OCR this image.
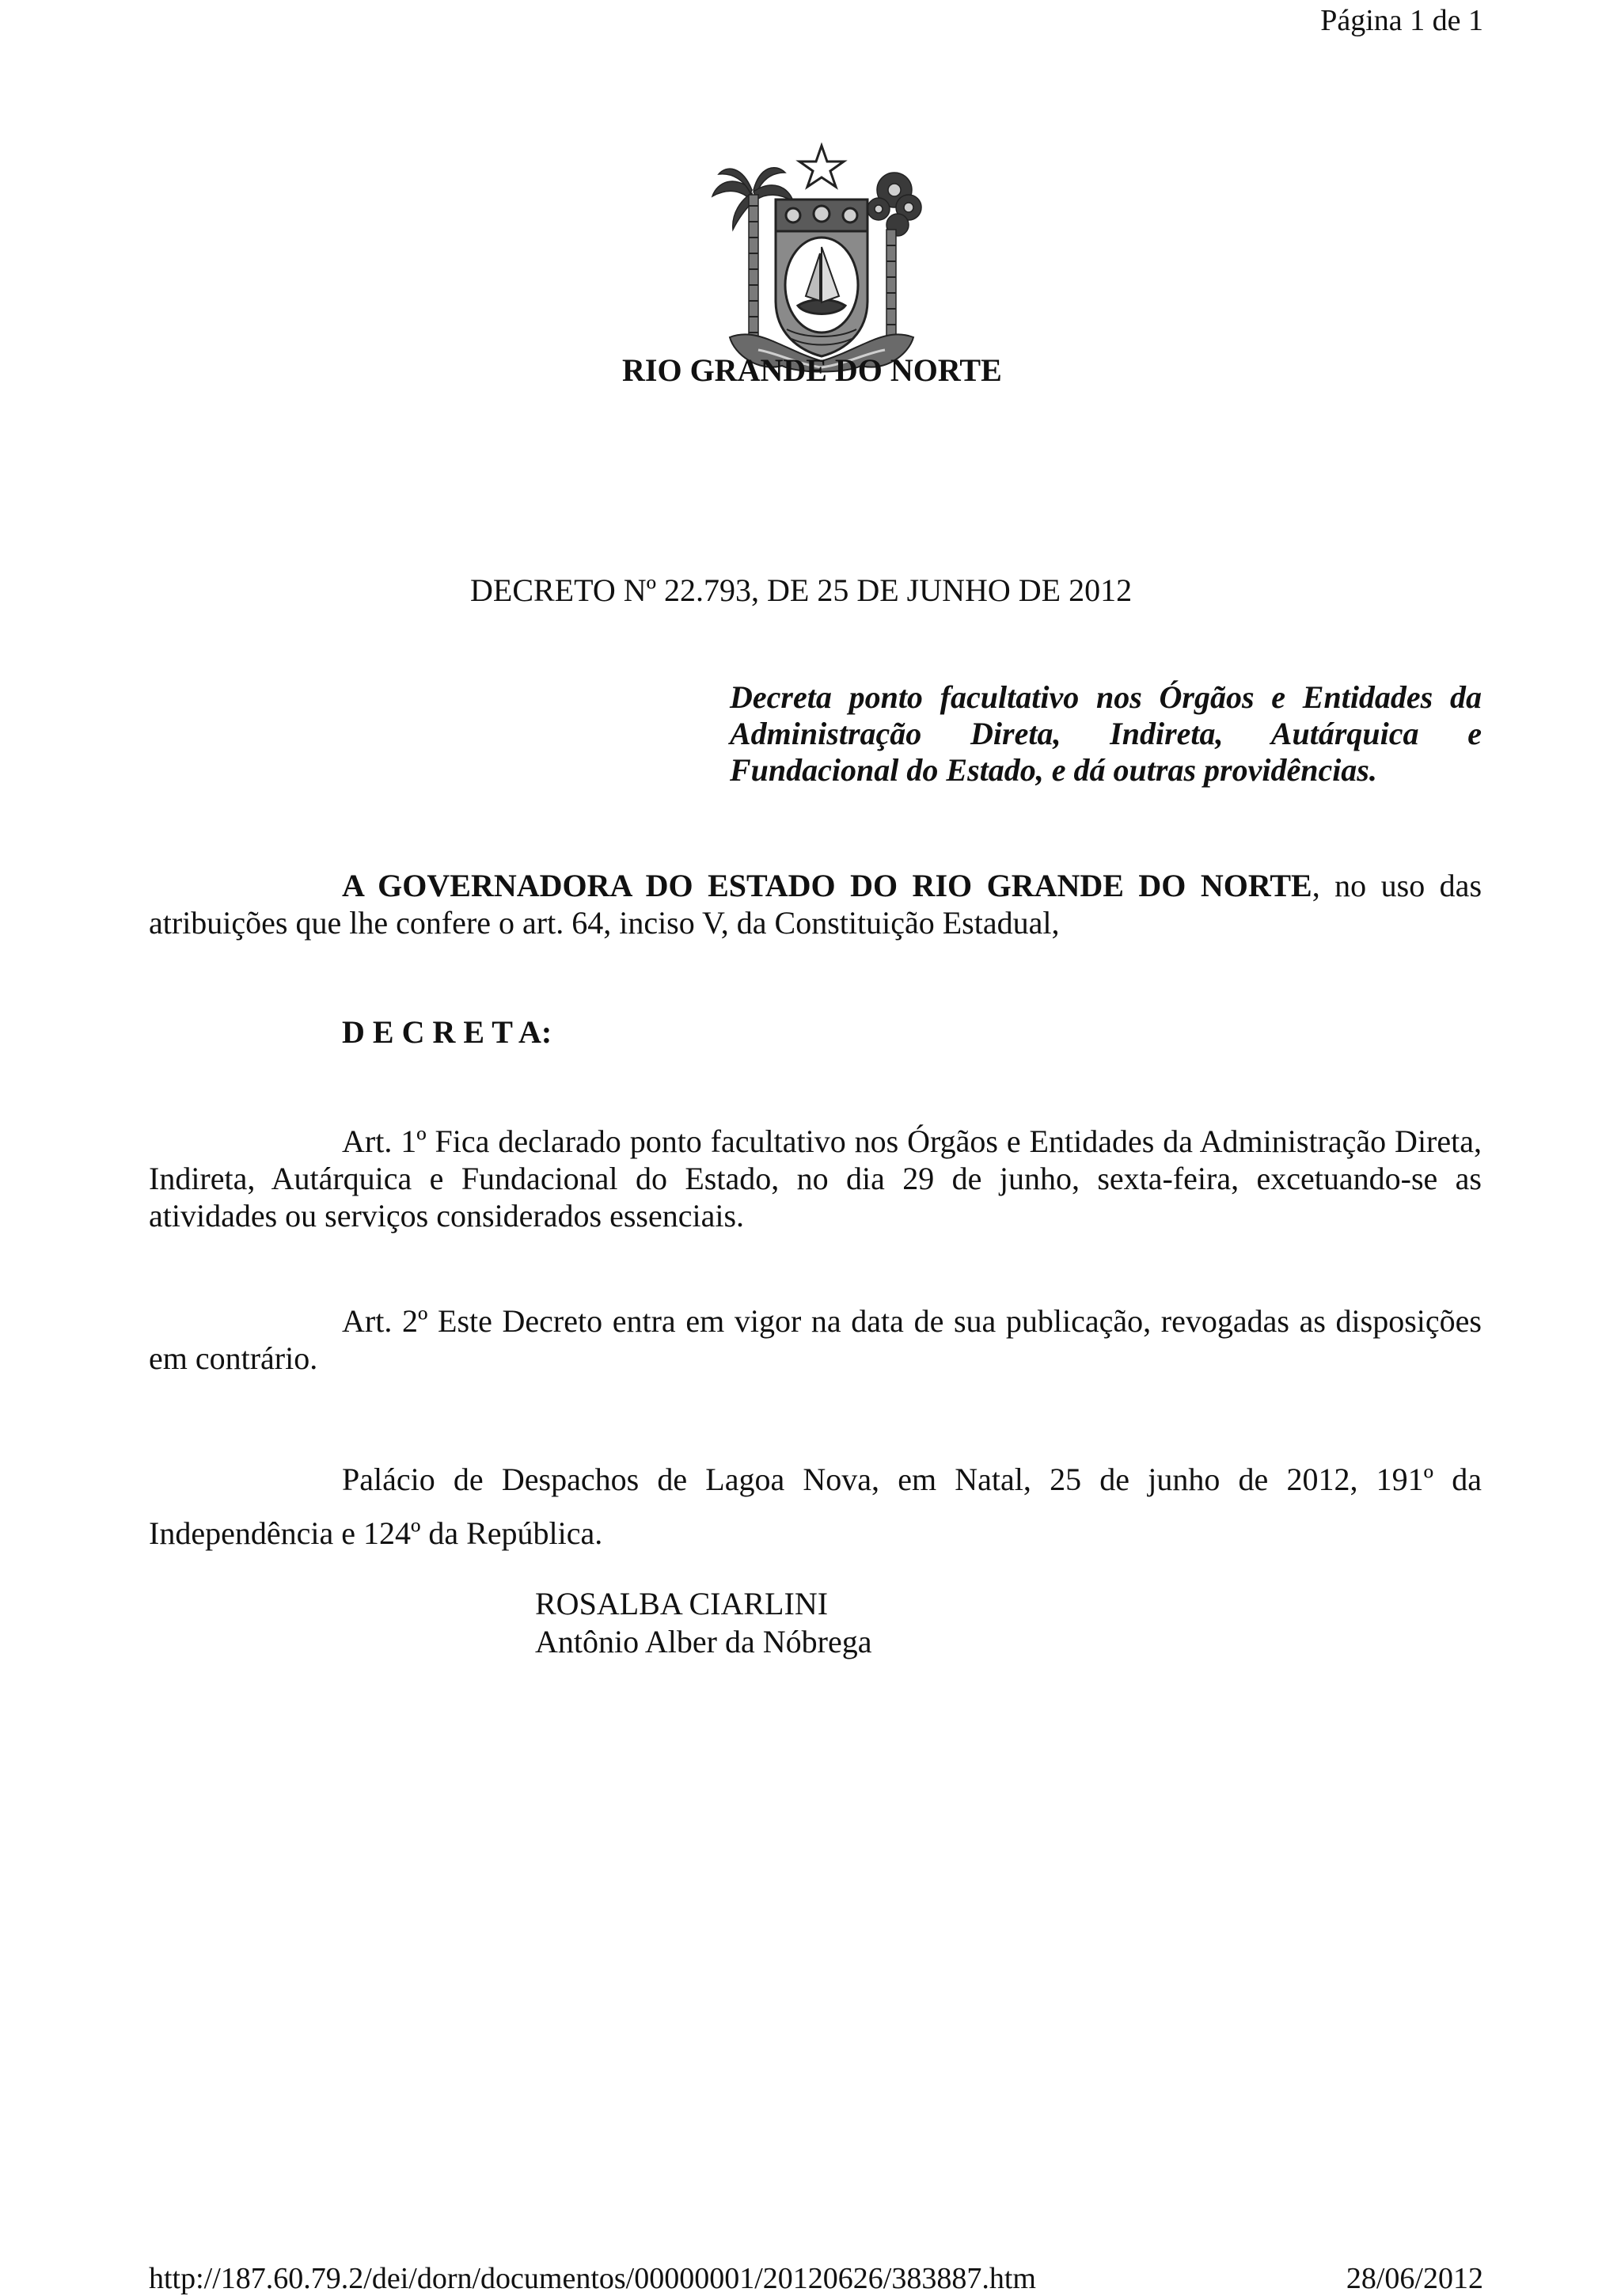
Página 1 de 1
RIO GRANDE DO NORTE
DECRETO Nº 22.793, DE 25 DE JUNHO DE 2012
Decreta ponto facultativo nos Órgãos e Entidades da Administração Direta, Indireta, Autárquica e Fundacional do Estado, e dá outras providências.
A GOVERNADORA DO ESTADO DO RIO GRANDE DO NORTE, no uso das atribuições que lhe confere o art. 64, inciso V, da Constituição Estadual,
D E C R E T A:
Art. 1º Fica declarado ponto facultativo nos Órgãos e Entidades da Administração Direta, Indireta, Autárquica e Fundacional do Estado, no dia 29 de junho, sexta-feira, excetuando-se as atividades ou serviços considerados essenciais.
Art. 2º Este Decreto entra em vigor na data de sua publicação, revogadas as disposições em contrário.
Palácio de Despachos de Lagoa Nova, em Natal, 25 de junho de 2012, 191º da Independência e 124º da República.
ROSALBA CIARLINI
Antônio Alber da Nóbrega
http://187.60.79.2/dei/dorn/documentos/00000001/20120626/383887.htm	28/06/2012
